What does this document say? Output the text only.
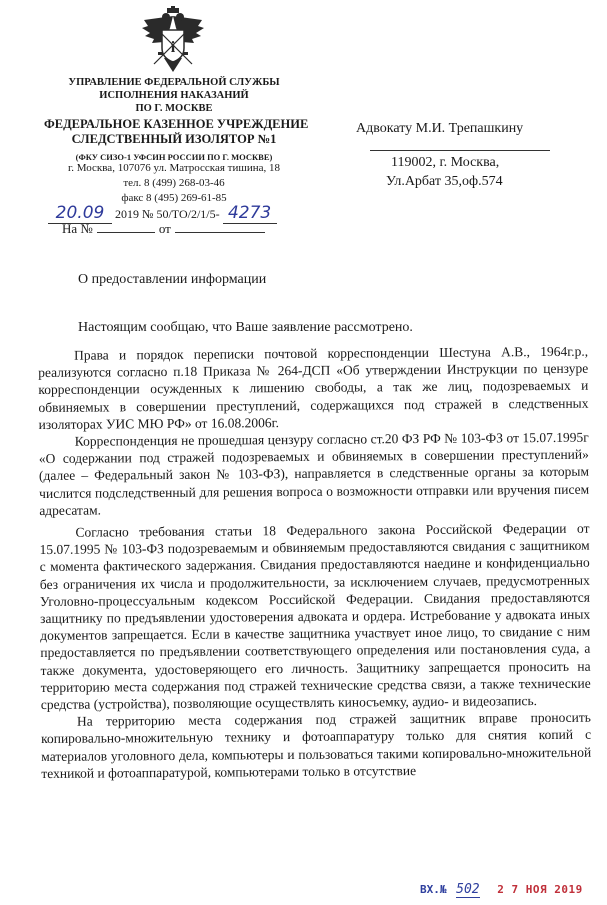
i
УПРАВЛЕНИЕ ФЕДЕРАЛЬНОЙ СЛУЖБЫ
ИСПОЛНЕНИЯ НАКАЗАНИЙ
ПО Г. МОСКВЕ
ФЕДЕРАЛЬНОЕ КАЗЕННОЕ УЧРЕЖДЕНИЕ
СЛЕДСТВЕННЫЙ ИЗОЛЯТОР №1
(ФКУ СИЗО-1 УФСИН РОССИИ ПО Г. МОСКВЕ)
г. Москва, 107076 ул. Матросская тишина, 18
тел. 8 (499) 268-03-46
факс 8 (495) 269-61-85
20.09 2019 № 50/ТО/2/1/5- 4273
На №	от
Адвокату М.И. Трепашкину
119002, г. Москва,
Ул.Арбат 35,оф.574
О предоставлении информации
Настоящим сообщаю, что Ваше заявление рассмотрено.

Права и порядок переписки почтовой корреспонденции Шестуна А.В., 1964г.р., реализуются согласно п.18 Приказа № 264-ДСП «Об утверждении Инструкции по цензуре корреспонденции осужденных к лишению свободы, а так же лиц, подозреваемых и обвиняемых в совершении преступлений, содержащихся под стражей в следственных изоляторах УИС МЮ РФ» от 16.08.2006г.

Корреспонденция не прошедшая цензуру согласно ст.20 ФЗ РФ № 103-ФЗ от 15.07.1995г «О содержании под стражей подозреваемых и обвиняемых в совершении преступлений» (далее – Федеральный закон № 103-ФЗ), направляется в следственные органы за которым числится подследственный для решения вопроса о возможности отправки или вручения писем адресатам.

Согласно требования статьи 18 Федерального закона Российской Федерации от 15.07.1995 № 103-ФЗ подозреваемым и обвиняемым предоставляются свидания с защитником с момента фактического задержания. Свидания предоставляются наедине и конфиденциально без ограничения их числа и продолжительности, за исключением случаев, предусмотренных Уголовно-процессуальным кодексом Российской Федерации. Свидания предоставляются защитнику по предъявлении удостоверения адвоката и ордера. Истребование у адвоката иных документов запрещается. Если в качестве защитника участвует иное лицо, то свидание с ним предоставляется по предъявлении соответствующего определения или постановления суда, а также документа, удостоверяющего его личность. Защитнику запрещается проносить на территорию места содержания под стражей технические средства связи, а также технические средства (устройства), позволяющие осуществлять киносъемку, аудио- и видеозапись.

На территорию места содержания под стражей защитник вправе проносить копировально-множительную технику и фотоаппаратуру только для снятия копий с материалов уголовного дела, компьютеры и пользоваться такими копировально-множительной техникой и фотоаппаратурой, компьютерами только в отсутствие

ВХ.№ 502 2 7 НОЯ 2019
